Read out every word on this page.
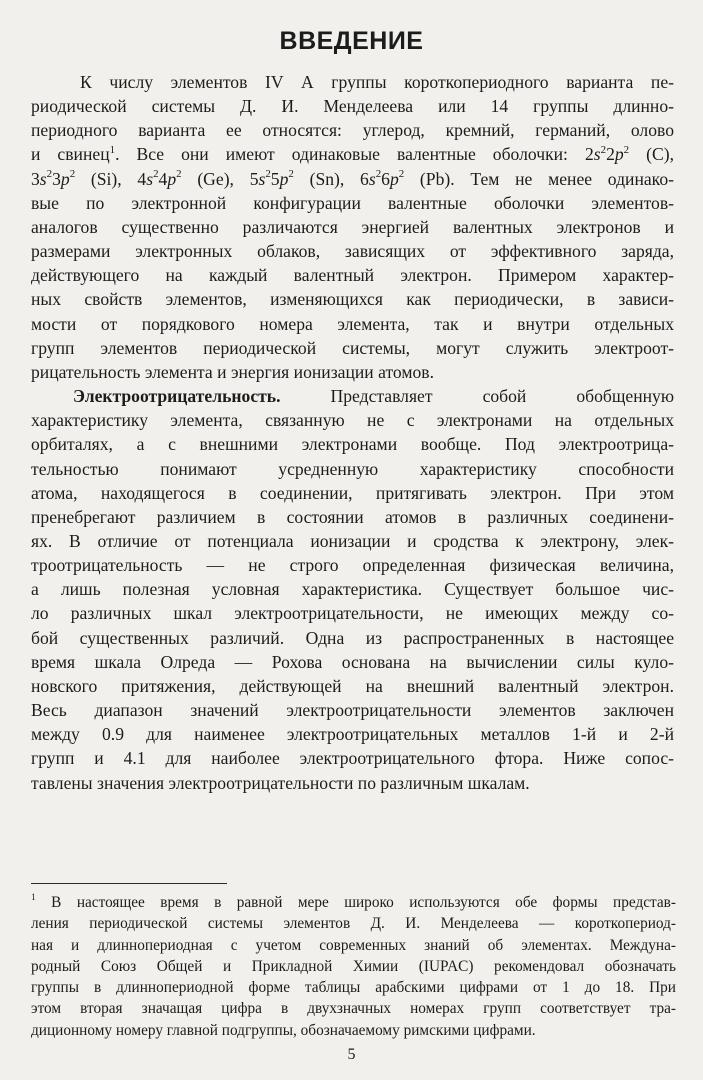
ВВЕДЕНИЕ
К числу элементов IV А группы короткопериодного варианта пе-
риодической системы Д. И. Менделеева или 14 группы длинно-
периодного варианта ее относятся: углерод, кремний, германий, олово
и свинец$^1$. Все они имеют одинаковые валентные оболочки: $2s^22p^2$ (C),
$3s^23p^2$ (Si), $4s^24p^2$ (Ge), $5s^25p^2$ (Sn), $6s^26p^2$ (Pb). Тем не менее одинако-
вые по электронной конфигурации валентные оболочки элементов-
аналогов существенно различаются энергией валентных электронов и
размерами электронных облаков, зависящих от эффективного заряда,
действующего на каждый валентный электрон. Примером характер-
ных свойств элементов, изменяющихся как периодически, в зависи-
мости от порядкового номера элемента, так и внутри отдельных
групп элементов периодической системы, могут служить электроот-
рицательность элемента и энергия ионизации атомов.
Электроотрицательность. Представляет собой обобщенную
характеристику элемента, связанную не с электронами на отдельных
орбиталях, а с внешними электронами вообще. Под электроотрица-
тельностью понимают усредненную характеристику способности
атома, находящегося в соединении, притягивать электрон. При этом
пренебрегают различием в состоянии атомов в различных соединени-
ях. В отличие от потенциала ионизации и сродства к электрону, элек-
троотрицательность — не строго определенная физическая величина,
а лишь полезная условная характеристика. Существует большое чис-
ло различных шкал электроотрицательности, не имеющих между со-
бой существенных различий. Одна из распространенных в настоящее
время шкала Олреда — Рохова основана на вычислении силы куло-
новского притяжения, действующей на внешний валентный электрон.
Весь диапазон значений электроотрицательности элементов заключен
между 0.9 для наименее электроотрицательных металлов 1-й и 2-й
групп и 4.1 для наиболее электроотрицательного фтора. Ниже сопос-
тавлены значения электроотрицательности по различным шкалам.
$^1$ В настоящее время в равной мере широко используются обе формы представ-
ления периодической системы элементов Д. И. Менделеева — короткопериод-
ная и длиннопериодная с учетом современных знаний об элементах. Междуна-
родный Союз Общей и Прикладной Химии (IUPAC) рекомендовал обозначать
группы в длиннопериодной форме таблицы арабскими цифрами от 1 до 18. При
этом вторая значащая цифра в двухзначных номерах групп соответствует тра-
диционному номеру главной подгруппы, обозначаемому римскими цифрами.
5
